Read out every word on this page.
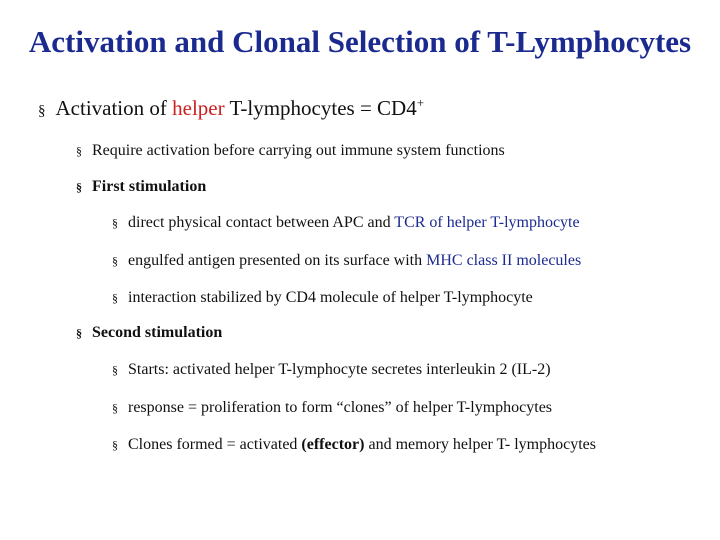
Activation and Clonal Selection of T-Lymphocytes
§ Activation of helper T-lymphocytes = CD4+
§ Require activation before carrying out immune system functions
§ First stimulation
§ direct physical contact between APC and TCR of helper T-lymphocyte
§ engulfed antigen presented on its surface with MHC class II molecules
§ interaction stabilized by CD4 molecule of helper T-lymphocyte
§ Second stimulation
§ Starts: activated helper T-lymphocyte secretes interleukin 2 (IL-2)
§ response = proliferation to form “clones” of helper T-lymphocytes
§ Clones formed = activated (effector) and memory helper T- lymphocytes
